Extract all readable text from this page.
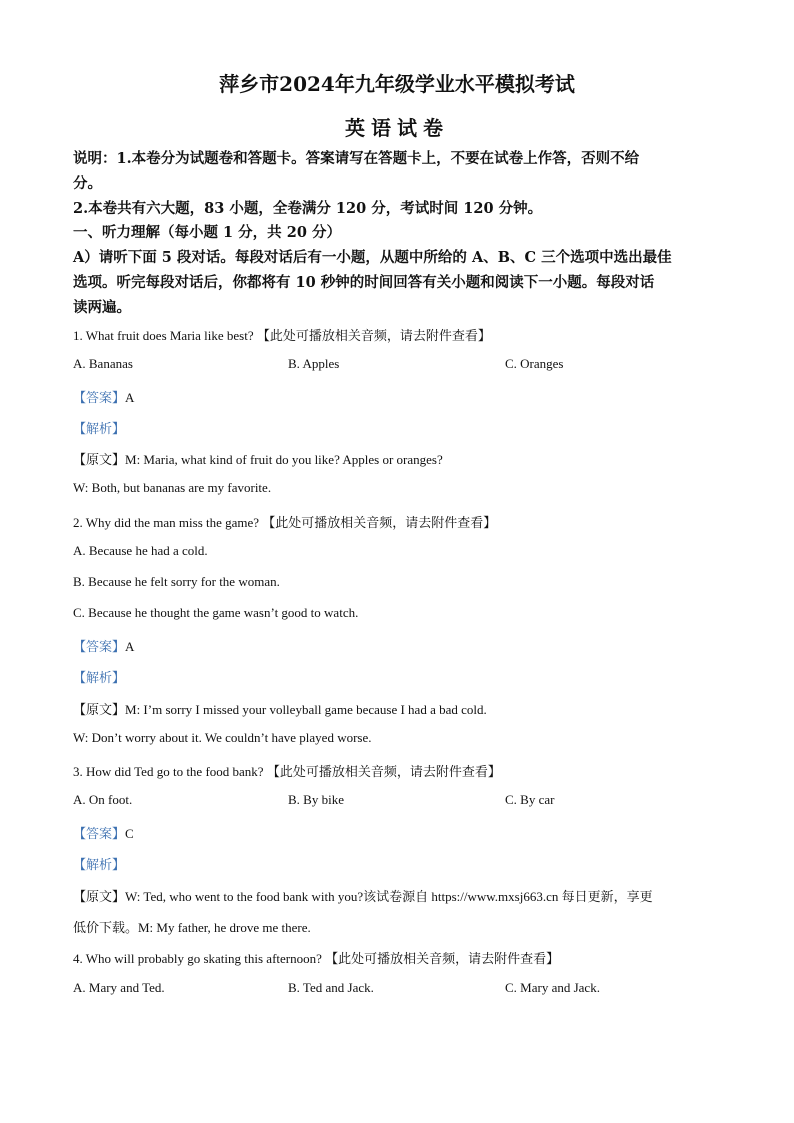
萍乡市2024年九年级学业水平模拟考试
英语试卷
说明：1.本卷分为试题卷和答题卡。答案请写在答题卡上，不要在试卷上作答，否则不给
分。
2.本卷共有六大题，83 小题，全卷满分 120 分，考试时间 120 分钟。
一、听力理解（每小题 1 分，共 20 分）
A）请听下面 5 段对话。每段对话后有一小题，从题中所给的 A、B、C 三个选项中选出最佳
选项。听完每段对话后，你都将有 10 秒钟的时间回答有关小题和阅读下一小题。每段对话
读两遍。
1. What fruit does Maria like best? 【此处可播放相关音频，请去附件查看】
A. Bananas	B. Apples	C. Oranges
【答案】A
【解析】
【原文】M: Maria, what kind of fruit do you like? Apples or oranges?
W: Both, but bananas are my favorite.
2. Why did the man miss the game? 【此处可播放相关音频，请去附件查看】
A. Because he had a cold.
B. Because he felt sorry for the woman.
C. Because he thought the game wasn’t good to watch.
【答案】A
【解析】
【原文】M: I’m sorry I missed your volleyball game because I had a bad cold.
W: Don’t worry about it. We couldn’t have played worse.
3. How did Ted go to the food bank? 【此处可播放相关音频，请去附件查看】
A. On foot.	B. By bike	C. By car
【答案】C
【解析】
【原文】W: Ted, who went to the food bank with you?该试卷源自 https://www.mxsj663.cn 每日更新，享更
低价下载。M: My father, he drove me there.
4. Who will probably go skating this afternoon? 【此处可播放相关音频，请去附件查看】
A. Mary and Ted.	B. Ted and Jack.	C. Mary and Jack.
